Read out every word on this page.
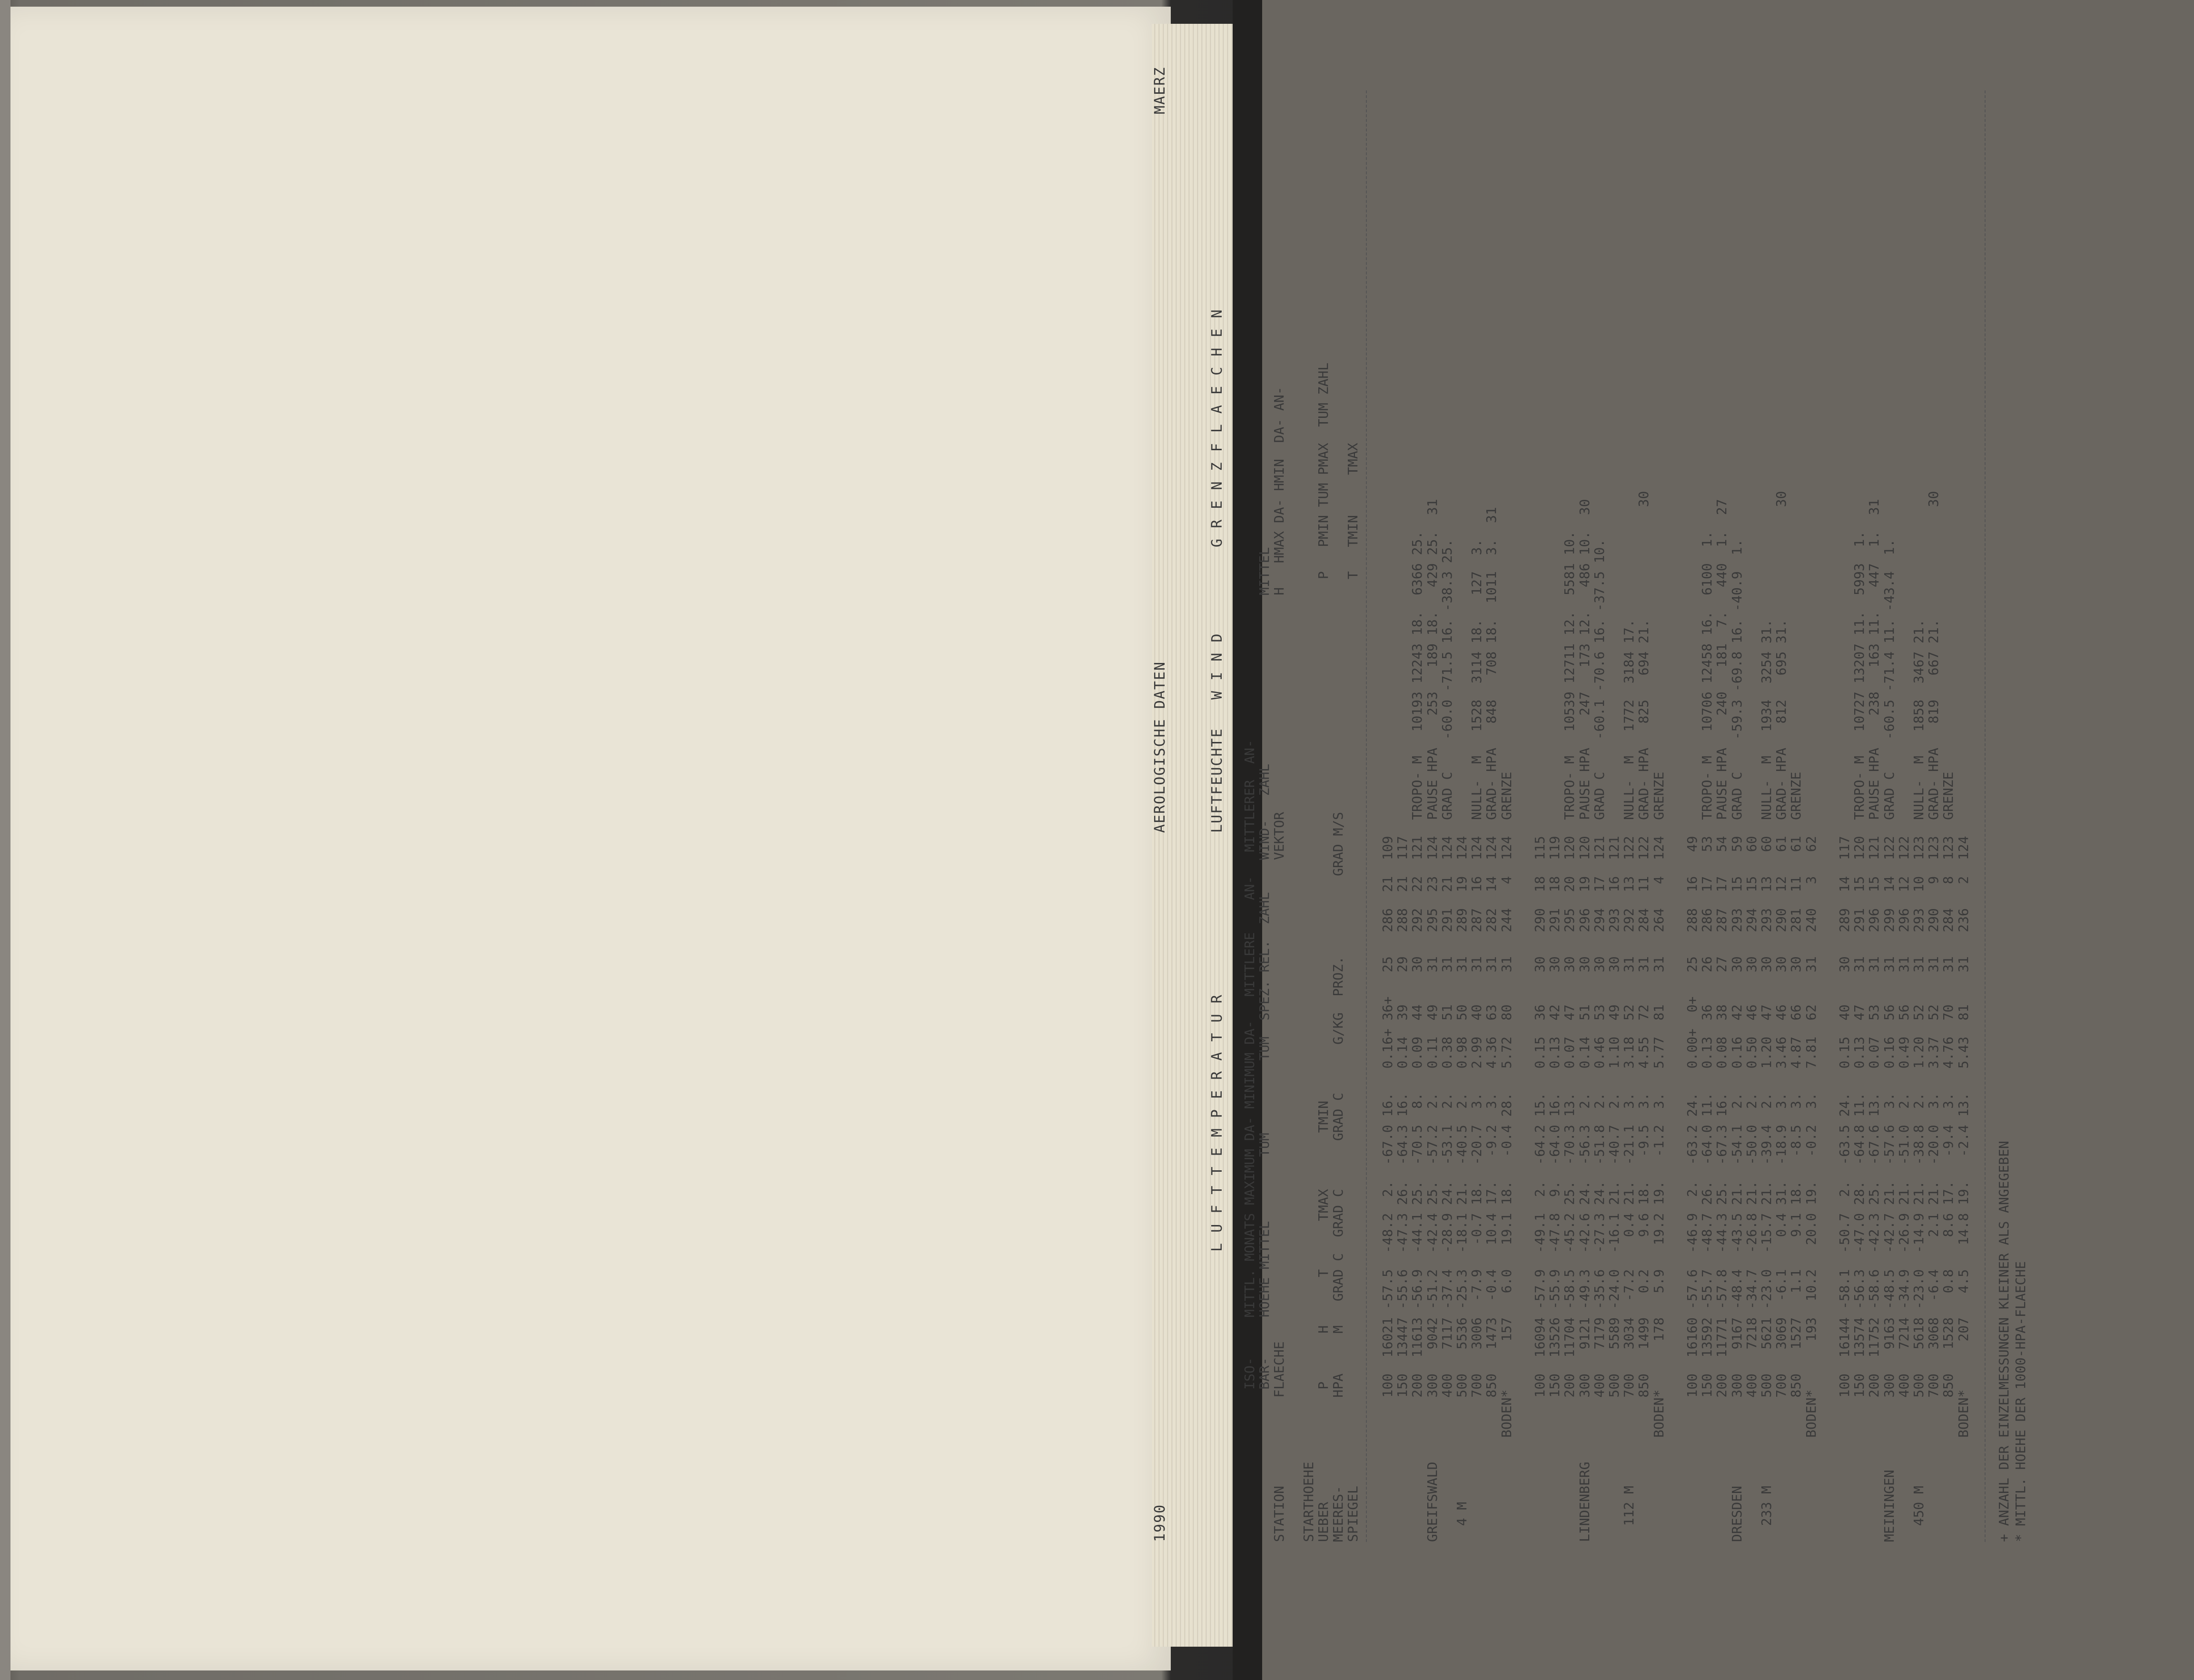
1990
AEROLOGISCHE DATEN
MAERZ
L U F T T E M P E R A T U R
LUFTFEUCHTE
W I N D
G R E N Z F L A E C H E N
ISO-     MITTL. MONATS MAXIMUM DA- MINIMUM DA-   MITTLERE    AN-   MITTLERER  AN-
BAR-     HOEHE MITTEL        TUM         TUM  SPEZ. REL.  ZAHL    WIND-   ZAHL                     MITTEL
STATION           FLAECHE                                                            VEKTOR                           H   HMAX DA- HMIN  DA- AN-

STARTHOEHE
UEBER              P      H      T      TMAX       TMIN                                                                 P   PMIN TUM PMAX  TUM ZAHL
MEERES-           HPA     M   GRAD C  GRAD C      GRAD C      G/KG  PROZ.          GRAD M/S
SPIEGEL                                                                                                                 T   TMIN     TMAX
100  16021 -57.5  -48.2  2.  -67.0 16.   0.16+ 36+   25   286  21  109
150  13447 -55.6  -47.3 26.  -64.3 16.   0.14  39    29   288  21  117
200  11613 -56.9  -44.1 25.  -70.5  8.   0.09  44    30   292  22  121  TROPO- M   10193 12243 18.  6366 25.
GREIFSWALD        300   9042 -51.2  -42.4 25.  -57.2  2.   0.11  49    31   295  23  124  PAUSE HPA    253   189 18.   429 25.  31
400   7117 -37.4  -28.9 24.  -53.1  2.   0.38  51    31   291  21  124  GRAD C    -60.0 -71.5 16. -38.3 25.
4 M             500   5536 -25.3  -18.1 21.  -40.5  2.   0.98  50    31   289  19  124
700   3006  -7.9   -0.7 18.  -20.7  3.   2.99  40    31   287  16  124  NULL-  M   1528  3114 18.   127  3.
850   1473  -0.4   10.4 17.   -9.2  3.   4.36  63    31   282  14  124  GRAD- HPA   848   708 18.  1011  3.  31
BODEN*      157   6.0   19.1 18.   -0.4 28.   5.72  80    31   244   4  124  GRENZE
100  16094 -57.9  -49.1  2.  -64.2 15.   0.15  36    30   290  18  115
150  13526 -55.9  -47.8  9.  -64.0 16.   0.13  42    30   291  18  119
200  11704 -58.5  -45.2 25.  -70.3 13.   0.07  47    30   295  20  120  TROPO- M   10539 12711 12.  5581 10.
LINDENBERG        300   9121 -49.3  -42.6 24.  -56.3  2.   0.14  51    30   296  19  120  PAUSE HPA    247   173 12.   486 10.  30
400   7179 -35.6  -27.3 24.  -51.8  2.   0.46  53    30   294  17  121  GRAD C    -60.1 -70.6 16. -37.5 10.
500   5589 -24.0  -16.1 21.  -40.7  2.   1.10  49    30   293  16  121
112 M           700   3034  -7.2    0.4 21.  -21.1  3.   3.18  52    31   292  13  122  NULL-  M   1772  3184 17.
850   1499   0.2    9.6 18.   -9.5  3.   4.55  72    31   284  11  122  GRAD- HPA   825   694 21.              30
BODEN*      178   5.9   19.2 19.   -1.2  3.   5.77  81    31   264   4  124  GRENZE
100  16160 -57.6  -46.9  2.  -63.2 24.   0.00+  0+   25   288  16   49
150  13592 -55.7  -48.7 26.  -64.0 11.   0.13  36    26   286  17   53  TROPO- M   10706 12458 16.  6100  1.
200  11771 -57.8  -44.3 25.  -67.3 16.   0.08  38    27   287  17   54  PAUSE HPA    240   181  7.   440  1.  27
DRESDEN           300   9167 -48.4  -43.5 21.  -54.1  2.   0.16  42    30   293  15   59  GRAD C    -59.3 -69.8 16. -40.9  1.
400   7218 -34.7  -26.8 21.  -50.0  2.   0.50  46    30   294  15   60
233 M           500   5621 -23.0  -15.7 21.  -39.4  2.   1.20  47    30   293  13   60  NULL-  M   1934  3254 31.
700   3069  -6.1    0.4 31.  -18.9  3.   3.46  46    30   290  12   61  GRAD- HPA   812   695 31.              30
850   1527   1.1    9.1 18.   -8.5  3.   4.87  66    30   281  11   61  GRENZE
BODEN*      193  10.2   20.0 19.   -0.2  3.   7.81  62    31   240   3   62
100  16144 -58.1  -50.7  2.  -63.5 24.   0.15  40    30   289  14  117
150  13574 -56.3  -47.0 28.  -64.8 11.   0.13  47    31   291  15  120  TROPO- M   10727 13207 11.  5993  1.
200  11752 -58.6  -42.3 25.  -67.6 13.   0.07  53    31   296  15  121  PAUSE HPA    238   163 11.   447  1.  31
MEININGEN         300   9163 -48.5  -42.7 21.  -57.6  3.   0.16  56    31   299  14  122  GRAD C    -60.5 -71.4 11. -43.4  1.
400   7214 -34.9  -26.9 21.  -51.0  2.   0.49  56    31   296  12  122
450 M           500   5618 -23.0  -14.9 21.  -38.8  2.   1.20  52    31   293  10  123  NULL-  M   1858  3467 21.
700   3068  -6.4    2.1 21.  -20.0  3.   3.37  52    31   290   9  123  GRAD- HPA   819   667 21.              30
850   1528   0.8    8.6 17.   -9.4  3.   4.76  70    31   284   8  123  GRENZE
BODEN*      207   4.5   14.8 19.   -2.4 13.   5.43  81    31   236   2  124
+ ANZAHL DER EINZELMESSUNGEN KLEINER ALS ANGEGEBEN * MITTL. HOEHE DER 1000-HPA-FLAECHE
